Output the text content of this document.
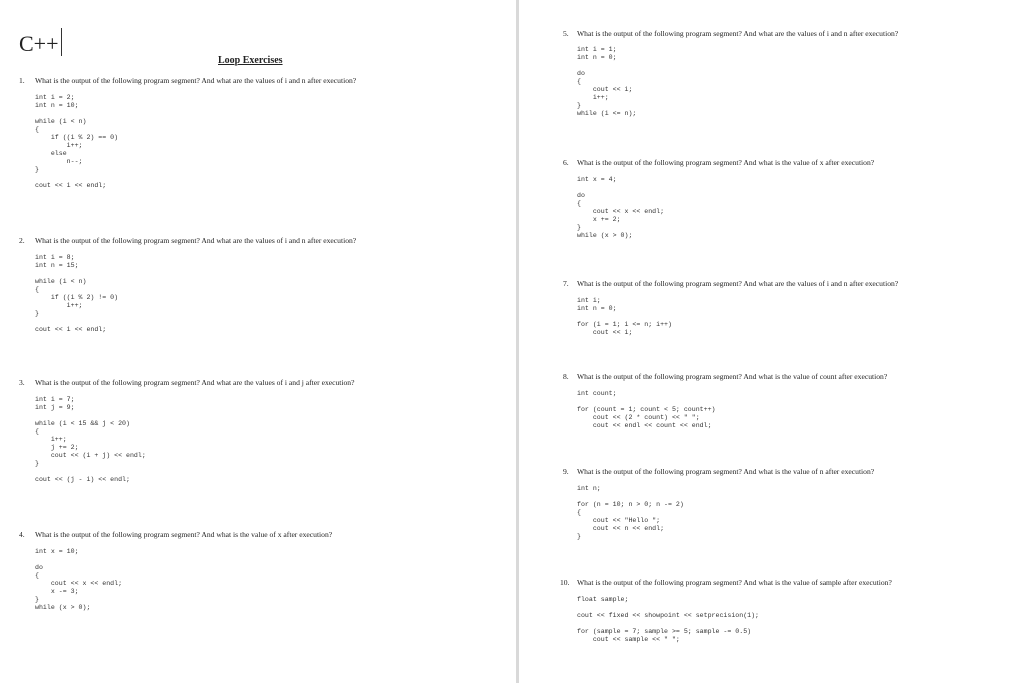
C++
Loop Exercises
1. What is the output of the following program segment? And what are the values of i and n after execution?
int i = 2;
int n = 10;
while (i < n)
{
if ((i % 2) == 0)
i++;
else
n--;
}
cout << i << endl;
2. What is the output of the following program segment? And what are the values of i and n after execution?
int i = 8;
int n = 15;
while (i < n)
{
if ((i % 2) != 0)
i++;
}
cout << i << endl;
3. What is the output of the following program segment? And what are the values of i and j after execution?
int i = 7;
int j = 9;
while (i < 15 && j < 20)
{
i++;
j += 2;
cout << (i + j) << endl;
}
cout << (j - i) << endl;
4. What is the output of the following program segment? And what is the value of x after execution?
int x = 10;
do
{
cout << x << endl;
x -= 3;
}
while (x > 0);
5. What is the output of the following program segment? And what are the values of i and n after execution?
int i = 1;
int n = 0;
do
{
cout << i;
i++;
}
while (i <= n);
6. What is the output of the following program segment? And what is the value of x after execution?
int x = 4;
do
{
cout << x << endl;
x += 2;
}
while (x > 0);
7. What is the output of the following program segment? And what are the values of i and n after execution?
int i;
int n = 0;
for (i = 1; i <= n; i++)
cout << i;
8. What is the output of the following program segment? And what is the value of count after execution?
int count;
for (count = 1; count < 5; count++)
cout << (2 * count) << " ";
cout << endl << count << endl;
9. What is the output of the following program segment? And what is the value of n after execution?
int n;
for (n = 10; n > 0; n -= 2)
{
cout << "Hello ";
cout << n << endl;
}
10. What is the output of the following program segment? And what is the value of sample after execution?
float sample;
cout << fixed << showpoint << setprecision(1);
for (sample = 7; sample >= 5; sample -= 0.5)
cout << sample << " ";
